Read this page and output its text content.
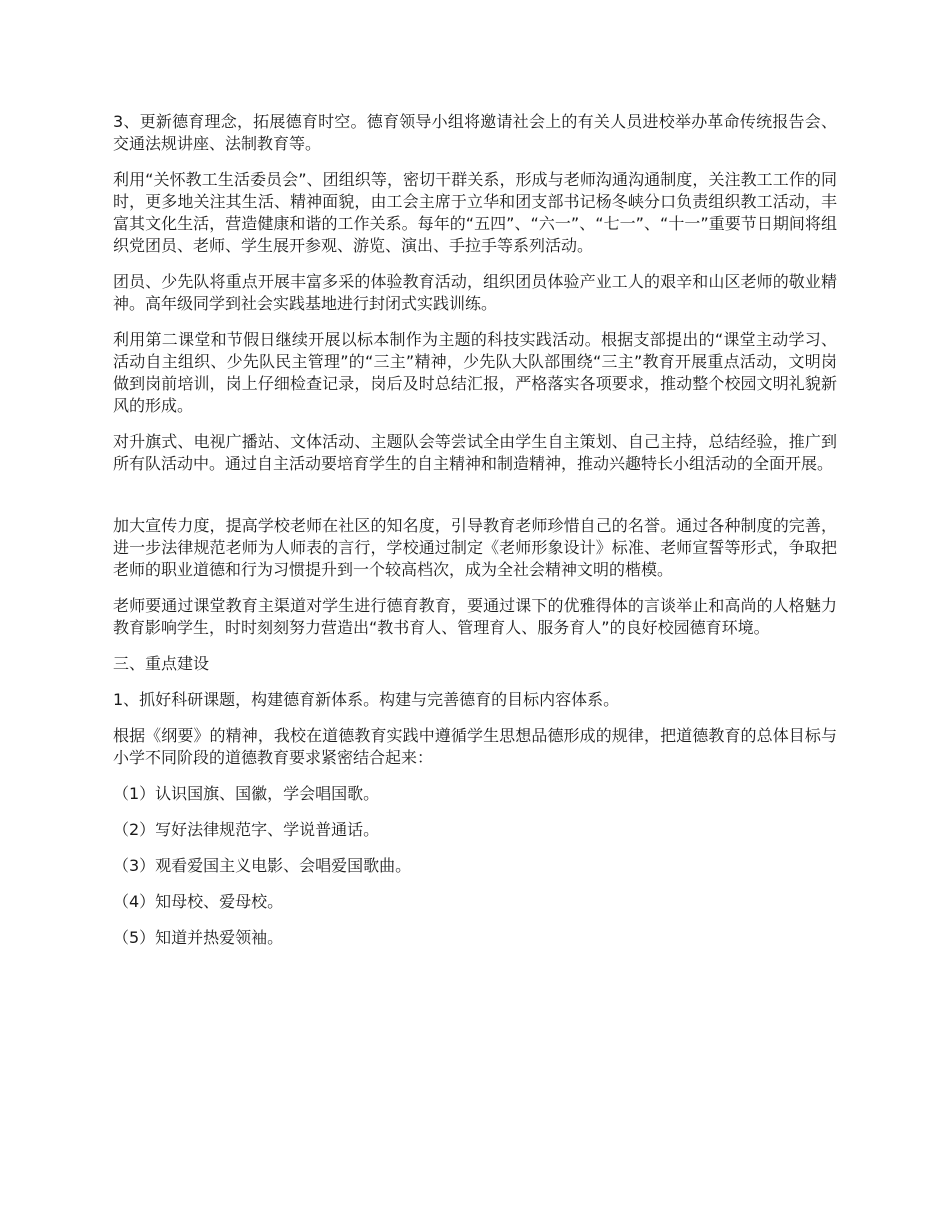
3、更新德育理念，拓展德育时空。德育领导小组将邀请社会上的有关人员进校举办革命传统报告会、交通法规讲座、法制教育等。

利用“关怀教工生活委员会”、团组织等，密切干群关系，形成与老师沟通沟通制度，关注教工工作的同时，更多地关注其生活、精神面貌，由工会主席于立华和团支部书记杨冬峡分口负责组织教工活动，丰富其文化生活，营造健康和谐的工作关系。每年的“五四”、“六一”、“七一”、“十一”重要节日期间将组织党团员、老师、学生展开参观、游览、演出、手拉手等系列活动。

团员、少先队将重点开展丰富多采的体验教育活动，组织团员体验产业工人的艰辛和山区老师的敬业精神。高年级同学到社会实践基地进行封闭式实践训练。

利用第二课堂和节假日继续开展以标本制作为主题的科技实践活动。根据支部提出的“课堂主动学习、活动自主组织、少先队民主管理”的“三主”精神，少先队大队部围绕“三主”教育开展重点活动，文明岗做到岗前培训，岗上仔细检查记录，岗后及时总结汇报，严格落实各项要求，推动整个校园文明礼貌新风的形成。

对升旗式、电视广播站、文体活动、主题队会等尝试全由学生自主策划、自己主持，总结经验，推广到所有队活动中。通过自主活动要培育学生的自主精神和制造精神，推动兴趣特长小组活动的全面开展。

加大宣传力度，提高学校老师在社区的知名度，引导教育老师珍惜自己的名誉。通过各种制度的完善，进一步法律规范老师为人师表的言行，学校通过制定《老师形象设计》标准、老师宣誓等形式，争取把老师的职业道德和行为习惯提升到一个较高档次，成为全社会精神文明的楷模。

老师要通过课堂教育主渠道对学生进行德育教育，要通过课下的优雅得体的言谈举止和高尚的人格魅力教育影响学生，时时刻刻努力营造出“教书育人、管理育人、服务育人”的良好校园德育环境。

三、重点建设

1、抓好科研课题，构建德育新体系。构建与完善德育的目标内容体系。

根据《纲要》的精神，我校在道德教育实践中遵循学生思想品德形成的规律，把道德教育的总体目标与小学不同阶段的道德教育要求紧密结合起来：

（1）认识国旗、国徽，学会唱国歌。

（2）写好法律规范字、学说普通话。

（3）观看爱国主义电影、会唱爱国歌曲。

（4）知母校、爱母校。

（5）知道并热爱领袖。
